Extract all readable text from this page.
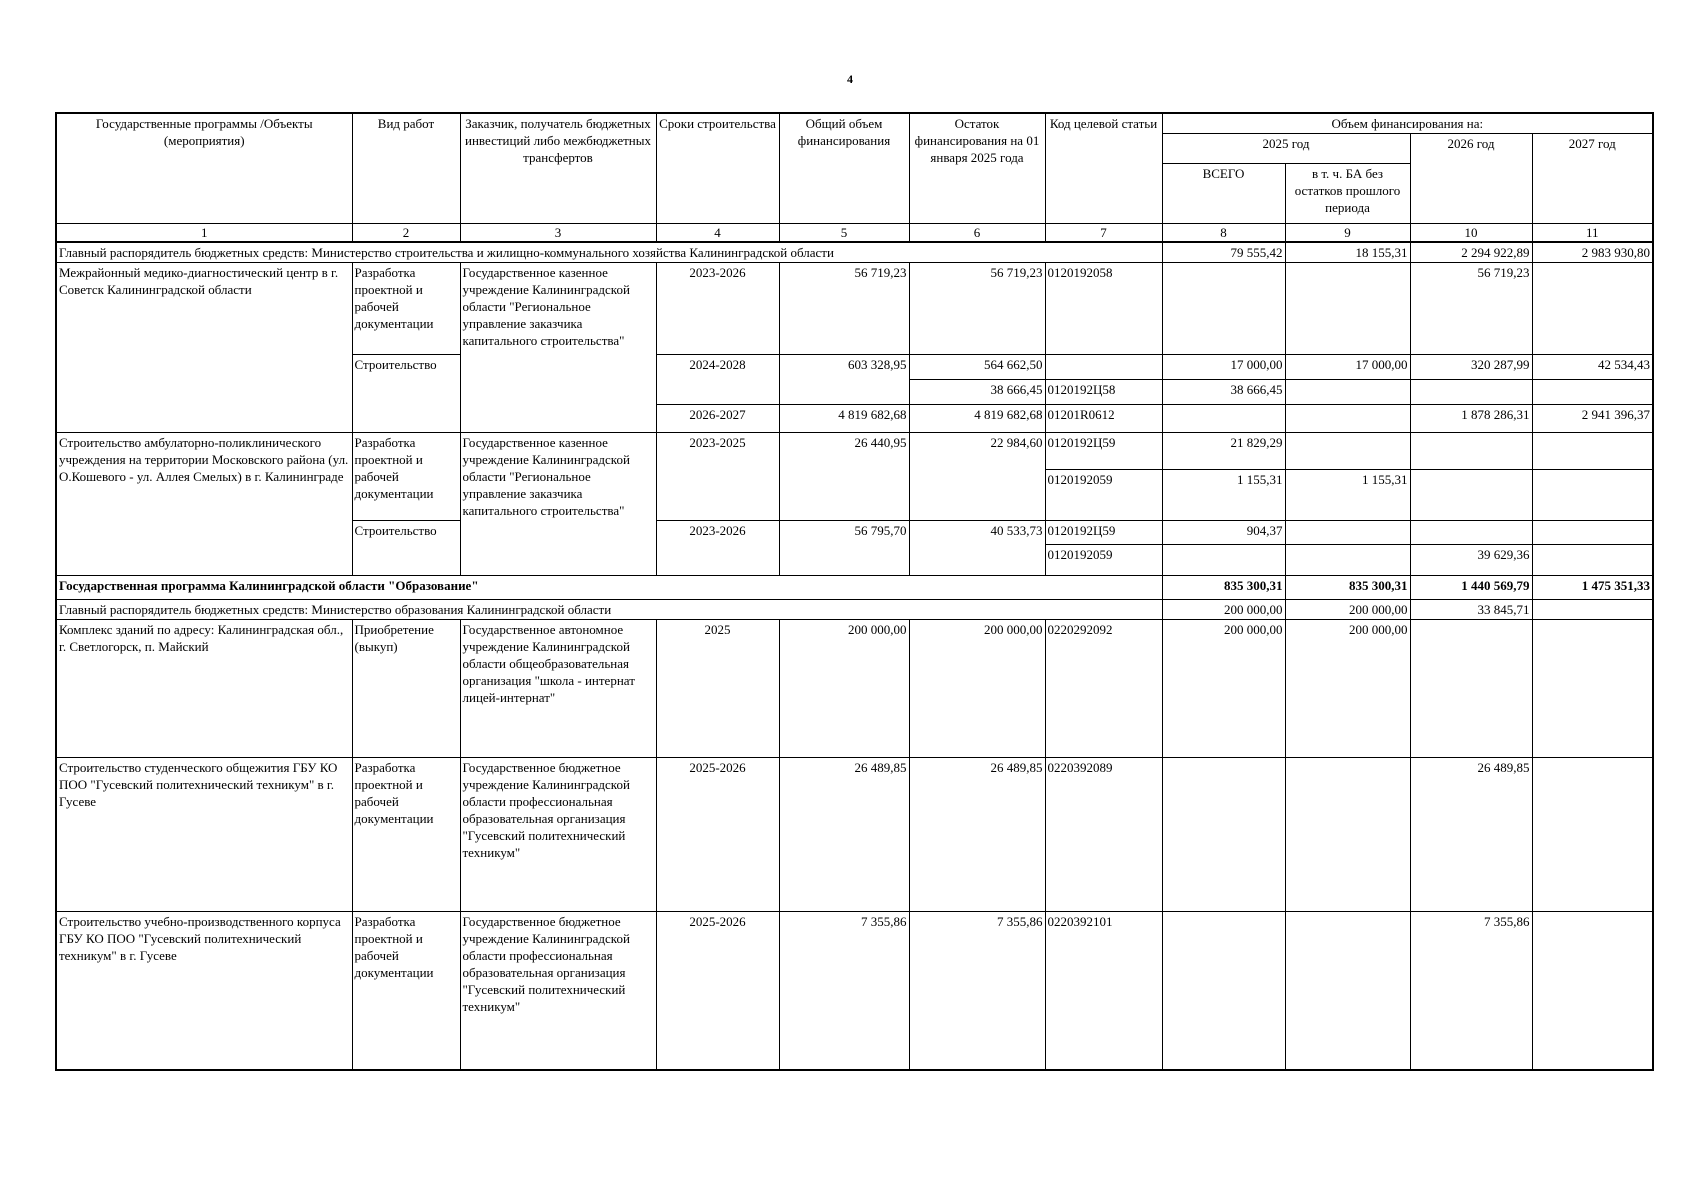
4
Государственные программы /Объекты (мероприятия)	Вид работ	Заказчик, получатель бюджетных инвестиций либо межбюджетных трансфертов	Сроки строительства	Общий объем финансирования	Остаток финансирования на 01 января 2025 года	Код целевой статьи	Объем финансирования на:			
							2025 год		2026 год	2027 год
							ВСЕГО	в т. ч. БА без остатков прошлого периода		
1	2	3	4	5	6	7	8	9	10	11
Главный распорядитель бюджетных средств: Министерство строительства и жилищно-коммунального хозяйства Калининградской области							79 555,42	18 155,31	2 294 922,89	2 983 930,80
Межрайонный медико-диагностический центр в г. Советск Калининградской области	Разработка проектной и рабочей документации	Государственное казенное учреждение Калининградской области "Региональное управление заказчика капитального строительства"	2023-2026	56 719,23	56 719,23	0120192058			56 719,23	
	Строительство		2024-2028	603 328,95	564 662,50		17 000,00	17 000,00	320 287,99	42 534,43
					38 666,45	0120192Ц58	38 666,45			
			2026-2027	4 819 682,68	4 819 682,68	01201R0612			1 878 286,31	2 941 396,37
Строительство амбулаторно-поликлинического учреждения на территории Московского района (ул. О.Кошевого - ул. Аллея Смелых) в г. Калининграде	Разработка проектной и рабочей документации	Государственное казенное учреждение Калининградской области "Региональное управление заказчика капитального строительства"	2023-2025	26 440,95	22 984,60	0120192Ц59	21 829,29			
						0120192059	1 155,31	1 155,31		
	Строительство		2023-2026	56 795,70	40 533,73	0120192Ц59	904,37			
						0120192059			39 629,36	
Государственная программа Калининградской области "Образование"							835 300,31	835 300,31	1 440 569,79	1 475 351,33
Главный распорядитель бюджетных средств: Министерство образования Калининградской области							200 000,00	200 000,00	33 845,71	
Комплекс зданий по адресу: Калининградская обл., г. Светлогорск, п. Майский	Приобретение (выкуп)	Государственное автономное учреждение Калининградской области общеобразовательная организация "школа - интернат лицей-интернат"	2025	200 000,00	200 000,00	0220292092	200 000,00	200 000,00		
Строительство студенческого общежития ГБУ КО ПОО "Гусевский политехнический техникум" в г. Гусеве	Разработка проектной и рабочей документации	Государственное бюджетное учреждение Калининградской области профессиональная образовательная организация "Гусевский политехнический техникум"	2025-2026	26 489,85	26 489,85	0220392089			26 489,85	
Строительство учебно-производственного корпуса ГБУ КО ПОО "Гусевский политехнический техникум" в г. Гусеве	Разработка проектной и рабочей документации	Государственное бюджетное учреждение Калининградской области профессиональная образовательная организация "Гусевский политехнический техникум"	2025-2026	7 355,86	7 355,86	0220392101			7 355,86	
